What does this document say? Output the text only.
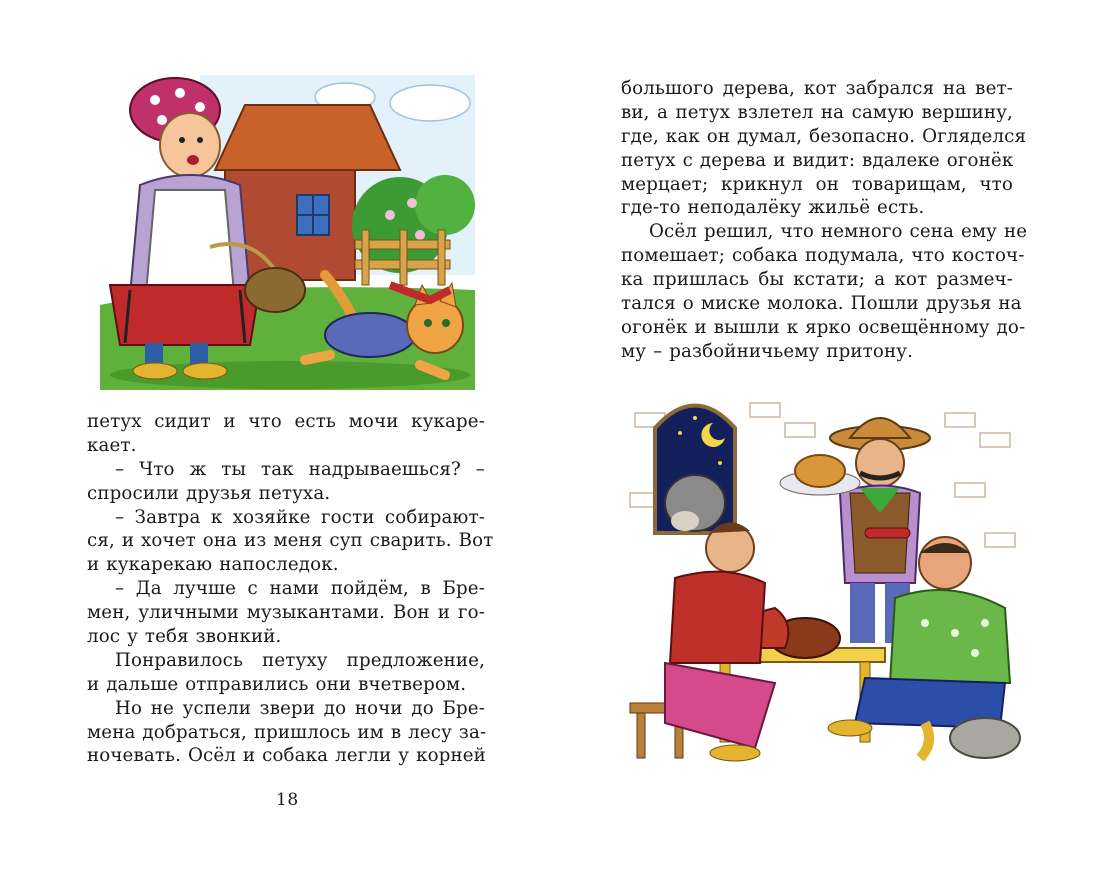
петух сидит и что есть мочи кукаре-
кает.
– Что ж ты так надрываешься? –
спросили друзья петуха.
– Завтра к хозяйке гости собирают-
ся, и хочет она из меня суп сварить. Вот
и кукарекаю напоследок.
– Да лучше с нами пойдём, в Бре-
мен, уличными музыкантами. Вон и го-
лос у тебя звонкий.
Понравилось петуху предложение,
и дальше отправились они вчетвером.
Но не успели звери до ночи до Бре-
мена добраться, пришлось им в лесу за-
ночевать. Осёл и собака легли у корней
18
большого дерева, кот забрался на вет-
ви, а петух взлетел на самую вершину,
где, как он думал, безопасно. Огляделся
петух с дерева и видит: вдалеке огонёк
мерцает; крикнул он товарищам, что
где-то неподалёку жильё есть.
Осёл решил, что немного сена ему не
помешает; собака подумала, что косточ-
ка пришлась бы кстати; а кот размеч-
тался о миске молока. Пошли друзья на
огонёк и вышли к ярко освещённому до-
му – разбойничьему притону.
